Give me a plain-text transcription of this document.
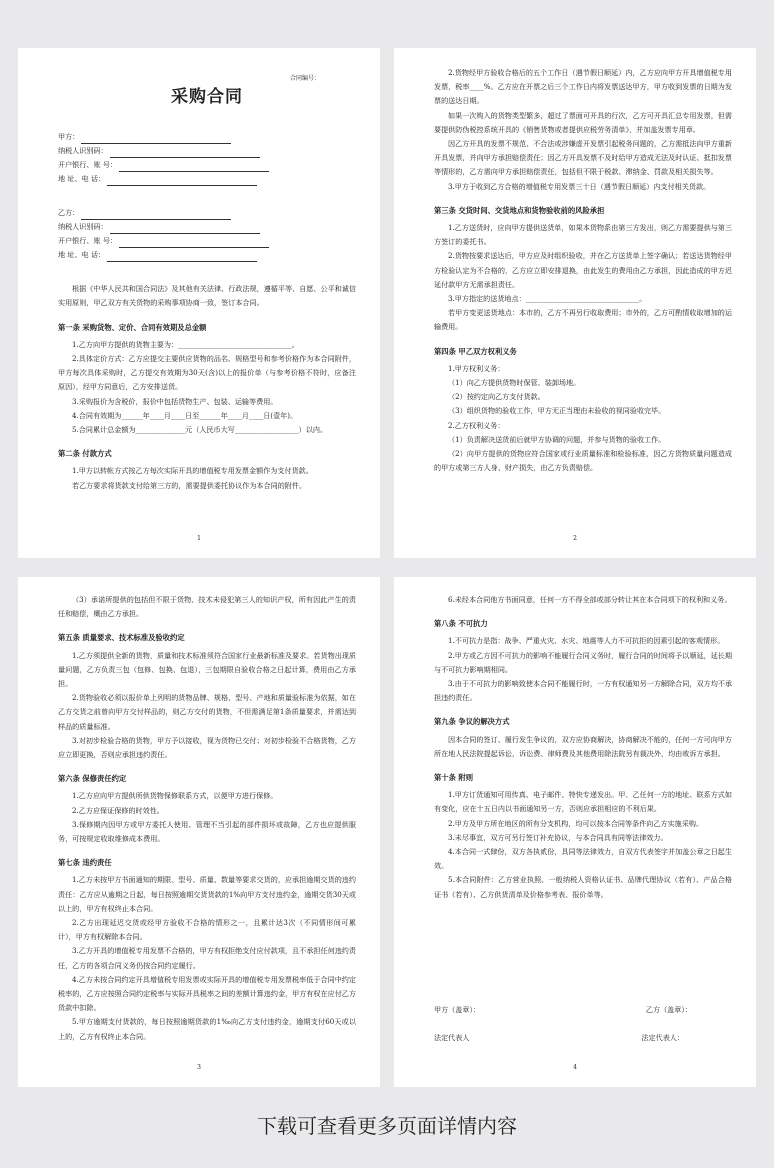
合同编号：
采购合同
甲方：
纳税人识别码：
开户银行、账 号：
地 址、电 话：
乙方：
纳税人识别码：
开户银行、账 号：
地 址、电 话：

根据《中华人民共和国合同法》及其他有关法律、行政法规，遵循平等、自愿、公平和诚信实用原则，甲乙双方有关货物的采购事项协商一致，签订本合同。

第一条 采购货物、定价、合同有效期及总金额

1.乙方向甲方提供的货物主要为：________________________________。

2.具体定价方式：乙方应提交主要供应货物的品名、规格型号和参考价格作为本合同附件，甲方每次具体采购时，乙方提交有效期为30天(含)以上的报价单（与参考价格不符时，应备注原因），经甲方同意后，乙方安排送货。

3.采购报价为含税价，报价中包括货物生产、包装、运输等费用。

4.合同有效期为______年____月____日至______年____月____日(壹年)。

5.合同累计总金额为______________元（人民币大写__________________）以内。

第二条 付款方式

1.甲方以转帐方式按乙方每次实际开具的增值税专用发票金额作为支付货款。

若乙方要求将货款支付给第三方的，需要提供委托协议作为本合同的附件。

1

2.货物经甲方验收合格后的五个工作日（遇节假日顺延）内，乙方应向甲方开具增值税专用发票，税率____%。乙方应在开票之后三个工作日内将发票送达甲方，甲方收到发票的日期为发票的送达日期。

如果一次购入的货物类型繁多，超过了票面可开具的行次，乙方可开具汇总专用发票，但需要提供防伪税控系统开具的《销售货物或者提供应税劳务清单》，并加盖发票专用章。

因乙方开具的发票不规范、不合法或涉嫌虚开发票引起税务问题的，乙方需抵法向甲方重新开具发票，并向甲方承担赔偿责任；因乙方开具发票不及时给甲方造成无法及时认证、抵扣发票等情形的，乙方需向甲方承担赔偿责任，包括但不限于税款、滞纳金、罚款及相关损失等。

3.甲方于收到乙方合格的增值税专用发票三十日（遇节假日顺延）内支付相关货款。

第三条 交货时间、交货地点和货物验收前的风险承担

1.乙方送货时，应向甲方提供送货单，如果本货物系由第三方发出，则乙方需要提供与第三方签订的委托书。

2.货物按要求送达后，甲方应及时组织验收，并在乙方送货单上签字确认；若送达货物经甲方检验认定为不合格的，乙方应立即安排退换，由此发生的费用由乙方承担，因此造成的甲方迟延付款甲方无需承担责任。

3.甲方指定的送货地点：________________________________。

若甲方变更送货地点：本市的，乙方不再另行收取费用；市外的，乙方可酌情收取增加的运输费用。

第四条 甲乙双方权利义务

1.甲方权利义务：

（1）向乙方提供货物时保管、装卸场地。

（2）按约定向乙方支付货款。

（3）组织货物的验收工作，甲方无正当理由未验收的视同验收完毕。

2.乙方权利义务：

（1）负责解决送货前后就甲方协调的问题，并参与货物的验收工作。

（2）向甲方提供的货物应符合国家或行业质量标准和检验标准，因乙方货物质量问题造成的甲方或第三方人身、财产损失，由乙方负责赔偿。

2

（3）承诺所提供的包括但不限于货物、技术未侵犯第三人的知识产权，所有因此产生的责任和赔偿，概由乙方承担。

第五条 质量要求、技术标准及验收约定

1.乙方须提供全新的货物，质量和技术标准须符合国家行业最新标准及要求。若货物出现质量问题，乙方负责三包（包修、包换、包退），三包期限自验收合格之日起计算，费用由乙方承担。

2.货物验收必须以报价单上列明的货物品牌、规格、型号、产地和质量验标准为依据，如在乙方交货之前曾向甲方交付样品的，则乙方交付的货物，不但需满足第1条质量要求，并需达到样品的质量标准。

3.对初步检验合格的货物，甲方予以接收，视为货物已交付；对初步检验不合格货物，乙方应立即更换，否则应承担违约责任。

第六条 保修责任约定

1.乙方应向甲方提供所供货物保修联系方式，以便甲方进行保修。

2.乙方应保证保修的时效性。

3.保修期内因甲方或甲方委托人使用、管理不当引起的部件损坏或故障，乙方也应提供服务，可按规定收取维修成本费用。

第七条 违约责任

1.乙方未按甲方书面通知的期限、型号、质量、数量等要求交货的，应承担逾期交货的违约责任：乙方应从逾期之日起，每日按照逾期交货货款的1%向甲方支付违约金，逾期交货30天或以上的，甲方有权终止本合同。

2.乙方出现延迟交货或经甲方验收不合格的情形之一，且累计达3次（不同情形间可累计），甲方有权解除本合同。

3.乙方开具的增值税专用发票不合格的，甲方有权拒绝支付应付款项，且不承担任何违约责任，乙方的各项合同义务仍按合同约定履行。

4.乙方未按合同约定开具增值税专用发票或实际开具的增值税专用发票税率低于合同中约定税率的，乙方应按照合同约定税率与实际开具税率之间的差额计算违约金，甲方有权在应付乙方货款中扣除。

5.甲方逾期支付货款的，每日按照逾期货款的1‰向乙方支付违约金，逾期支付60天或以上的，乙方有权终止本合同。

3

6.未经本合同他方书面同意，任何一方不得全部或部分转让其在本合同项下的权利和义务。

第八条 不可抗力

1.不可抗力是指：战争、严重火灾、水灾、地震等人力不可抗拒的因素引起的客观情形。

2.甲方或乙方因不可抗力的影响不能履行合同义务时，履行合同的时间将予以顺延，延长期与不可抗力影响期相同。

3.由于不可抗力的影响致使本合同不能履行时，一方有权通知另一方解除合同，双方均不承担违约责任。

第九条 争议的解决方式

因本合同的签订、履行发生争议的，双方应协商解决，协商解决不能的，任何一方可向甲方所在地人民法院提起诉讼，诉讼费、律师费及其他费用除法院另有裁决外，均由败诉方承担。

第十条 附则

1.甲方订货通知可用传真、电子邮件、特快专递发出。甲、乙任何一方的地址、联系方式如有变化，应在十五日内以书面通知另一方，否则应承担相应的不利后果。

2.甲方及甲方所在地区的所有分支机构，均可以按本合同等条件向乙方实施采购。

3.未尽事宜，双方可另行签订补充协议，与本合同具有同等法律效力。

4.本合同一式肆份，双方各执贰份，具同等法律效力，自双方代表签字并加盖公章之日起生效。

5.本合同附件：乙方营业执照、一般纳税人资格认证书、品牌代理协议（若有）、产品合格证书（若有）、乙方供货清单及价格参考表、报价单等。

甲方（盖章）：	乙方（盖章）：
法定代表人	法定代表人：
4
下载可查看更多页面详情内容
